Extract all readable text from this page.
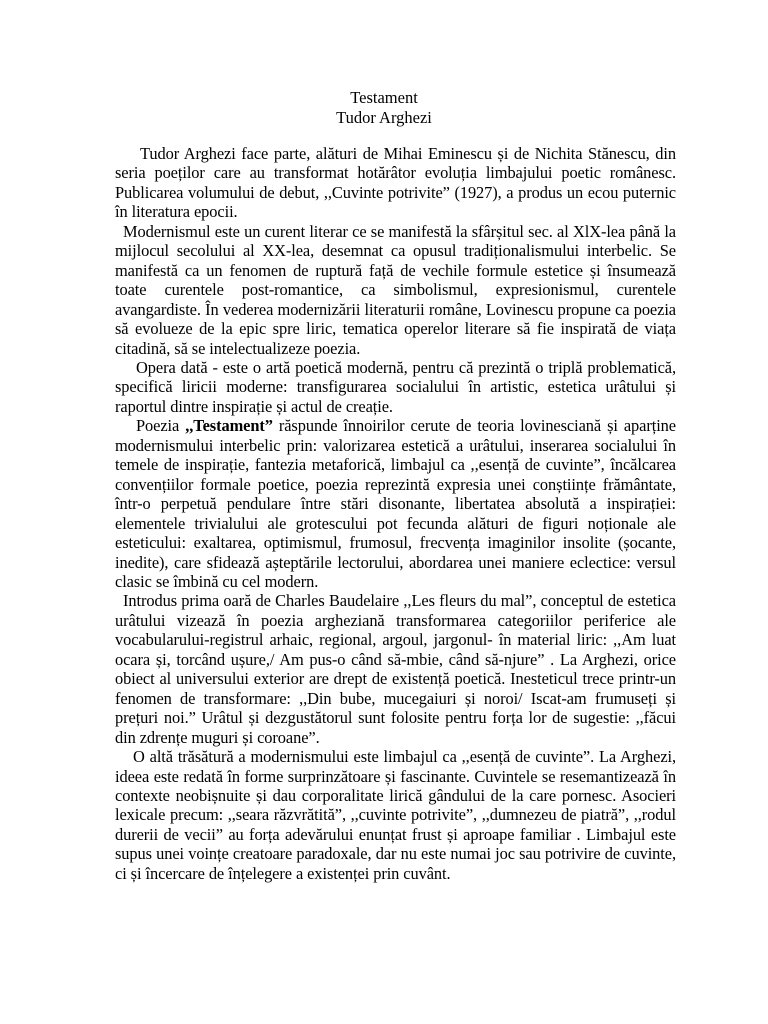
Testament
Tudor Arghezi

Tudor Arghezi face parte, alături de Mihai Eminescu și de Nichita Stănescu, din seria poeților care au transformat hotărâtor evoluția limbajului poetic românesc. Publicarea volumului de debut, ,,Cuvinte potrivite” (1927), a produs un ecou puternic în literatura epocii.

Modernismul este un curent literar ce se manifestă la sfârșitul sec. al XlX-lea până la mijlocul secolului al XX-lea, desemnat ca opusul tradiționalismului interbelic. Se manifestă ca un fenomen de ruptură față de vechile formule estetice și însumează toate curentele post-romantice, ca simbolismul, expresionismul, curentele avangardiste. În vederea modernizării literaturii române, Lovinescu propune ca poezia să evolueze de la epic spre liric, tematica operelor literare să fie inspirată de viața citadină, să se intelectualizeze poezia.

Opera dată - este o artă poetică modernă, pentru că prezintă o triplă problematică, specifică liricii moderne: transfigurarea socialului în artistic, estetica urâtului și raportul dintre inspirație și actul de creație.

Poezia ,,Testament” răspunde înnoirilor cerute de teoria lovinesciană și aparține modernismului interbelic prin: valorizarea estetică a urâtului, inserarea socialului în temele de inspirație, fantezia metaforică, limbajul ca ,,esență de cuvinte”, încălcarea convențiilor formale poetice, poezia reprezintă expresia unei conștiințe frământate, într-o perpetuă pendulare între stări disonante, libertatea absolută a inspirației: elementele trivialului ale grotescului pot fecunda alături de figuri noționale ale esteticului: exaltarea, optimismul, frumosul, frecvența imaginilor insolite (șocante, inedite), care sfidează așteptările lectorului, abordarea unei maniere eclectice: versul clasic se îmbină cu cel modern.

Introdus prima oară de Charles Baudelaire ,,Les fleurs du mal”, conceptul de estetica urâtului vizează în poezia argheziană transformarea categoriilor periferice ale vocabularului-registrul arhaic, regional, argoul, jargonul- în material liric: ,,Am luat ocara și, torcând ușure,/ Am pus-o când să-mbie, când să-njure” . La Arghezi, orice obiect al universului exterior are drept de existență poetică. Inesteticul trece printr-un fenomen de transformare: ,,Din bube, mucegaiuri și noroi/ Iscat-am frumuseți și prețuri noi.” Urâtul și dezgustătorul sunt folosite pentru forța lor de sugestie: ,,făcui din zdrențe muguri și coroane”.

O altă trăsătură a modernismului este limbajul ca ,,esență de cuvinte”. La Arghezi, ideea este redată în forme surprinzătoare și fascinante. Cuvintele se resemantizează în contexte neobișnuite și dau corporalitate lirică gândului de la care pornesc. Asocieri lexicale precum: ,,seara răzvrătită”, ,,cuvinte potrivite”, ,,dumnezeu de piatră”, ,,rodul durerii de vecii” au forța adevărului enunțat frust și aproape familiar . Limbajul este supus unei voințe creatoare paradoxale, dar nu este numai joc sau potrivire de cuvinte, ci și încercare de înțelegere a existenței prin cuvânt.
